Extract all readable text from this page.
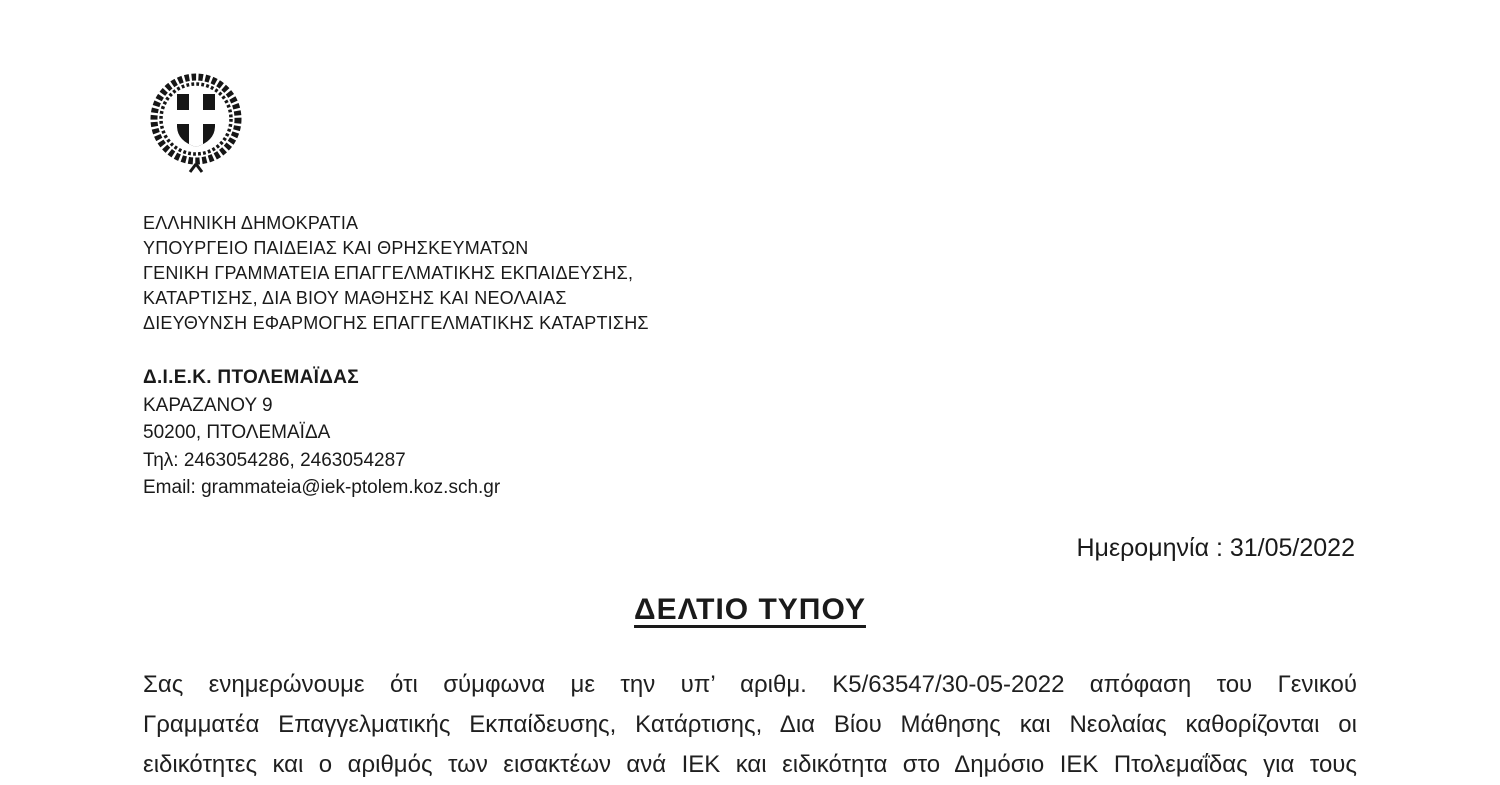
ΕΛΛΗΝΙΚΗ ΔΗΜΟΚΡΑΤΙΑ
ΥΠΟΥΡΓΕΙΟ ΠΑΙΔΕΙΑΣ ΚΑΙ ΘΡΗΣΚΕΥΜΑΤΩΝ
ΓΕΝΙΚΗ ΓΡΑΜΜΑΤΕΙΑ ΕΠΑΓΓΕΛΜΑΤΙΚΗΣ ΕΚΠΑΙΔΕΥΣΗΣ,
ΚΑΤΑΡΤΙΣΗΣ, ΔΙΑ ΒΙΟΥ ΜΑΘΗΣΗΣ ΚΑΙ ΝΕΟΛΑΙΑΣ
ΔΙΕΥΘΥΝΣΗ ΕΦΑΡΜΟΓΗΣ ΕΠΑΓΓΕΛΜΑΤΙΚΗΣ ΚΑΤΑΡΤΙΣΗΣ
Δ.Ι.Ε.Κ. ΠΤΟΛΕΜΑΪΔΑΣ
ΚΑΡΑΖΑΝΟΥ 9
50200, ΠΤΟΛΕΜΑΪΔΑ
Τηλ: 2463054286, 2463054287
Email: grammateia@iek-ptolem.koz.sch.gr
Ημερομηνία : 31/05/2022
ΔΕΛΤΙΟ ΤΥΠΟΥ
Σας ενημερώνουμε ότι σύμφωνα με την υπ’ αριθμ. Κ5/63547/30-05-2022 απόφαση του Γενικού
Γραμματέα Επαγγελματικής Εκπαίδευσης, Κατάρτισης, Δια Βίου Μάθησης και Νεολαίας καθορίζονται οι
ειδικότητες και ο αριθμός των εισακτέων ανά ΙΕΚ και ειδικότητα στο Δημόσιο ΙΕΚ Πτολεμαΐδας για τους
